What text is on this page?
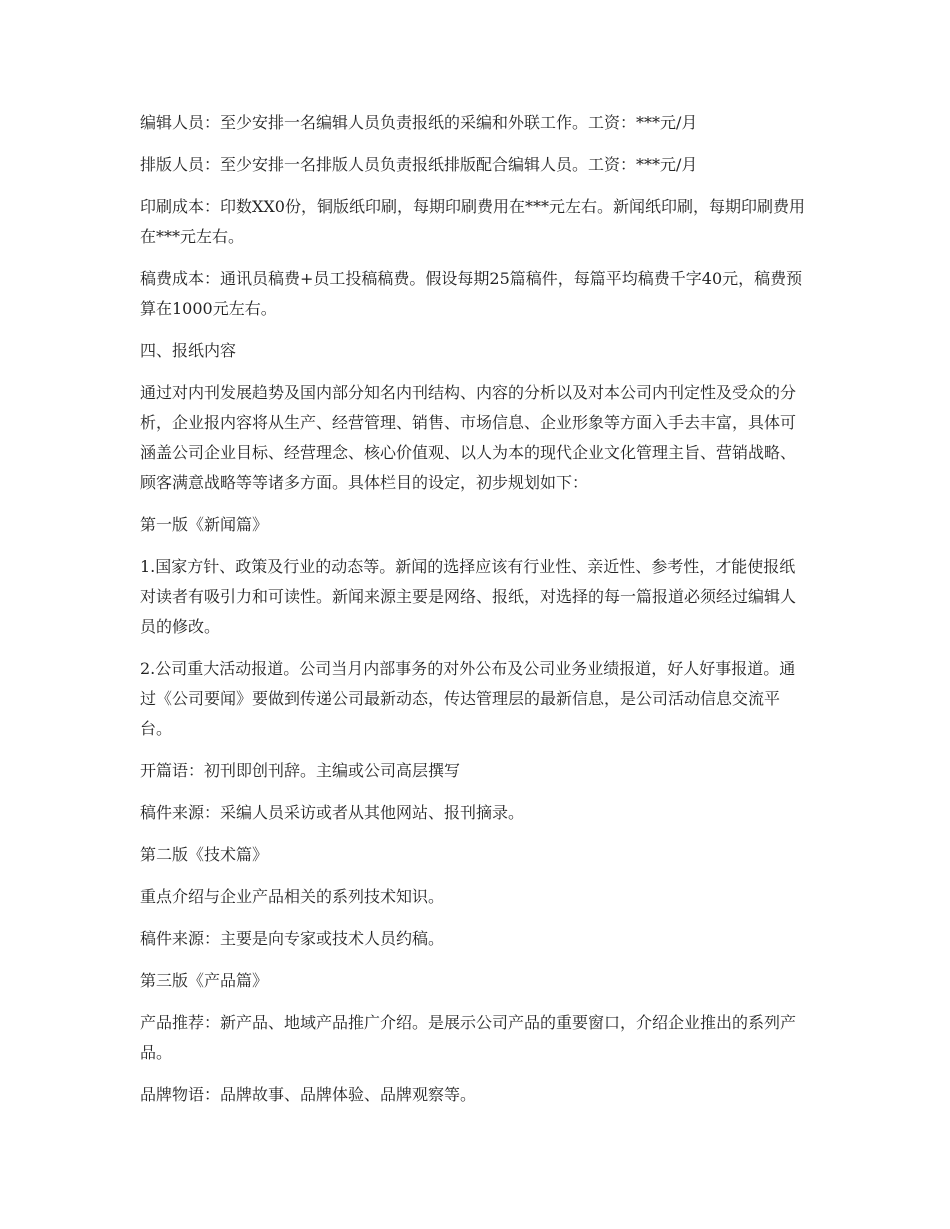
编辑人员：至少安排一名编辑人员负责报纸的采编和外联工作。工资：***元/月

排版人员：至少安排一名排版人员负责报纸排版配合编辑人员。工资：***元/月

印刷成本：印数XX0份，铜版纸印刷，每期印刷费用在***元左右。新闻纸印刷，每期印刷费用在***元左右。

稿费成本：通讯员稿费+员工投稿稿费。假设每期25篇稿件，每篇平均稿费千字40元，稿费预算在1000元左右。

四、报纸内容

通过对内刊发展趋势及国内部分知名内刊结构、内容的分析以及对本公司内刊定性及受众的分析，企业报内容将从生产、经营管理、销售、市场信息、企业形象等方面入手去丰富，具体可涵盖公司企业目标、经营理念、核心价值观、以人为本的现代企业文化管理主旨、营销战略、顾客满意战略等等诸多方面。具体栏目的设定，初步规划如下：

第一版《新闻篇》

1.国家方针、政策及行业的动态等。新闻的选择应该有行业性、亲近性、参考性，才能使报纸对读者有吸引力和可读性。新闻来源主要是网络、报纸，对选择的每一篇报道必须经过编辑人员的修改。

2.公司重大活动报道。公司当月内部事务的对外公布及公司业务业绩报道，好人好事报道。通过《公司要闻》要做到传递公司最新动态，传达管理层的最新信息，是公司活动信息交流平台。

开篇语：初刊即创刊辞。主编或公司高层撰写

稿件来源：采编人员采访或者从其他网站、报刊摘录。

第二版《技术篇》

重点介绍与企业产品相关的系列技术知识。

稿件来源：主要是向专家或技术人员约稿。

第三版《产品篇》

产品推荐：新产品、地域产品推广介绍。是展示公司产品的重要窗口，介绍企业推出的系列产品。

品牌物语：品牌故事、品牌体验、品牌观察等。
